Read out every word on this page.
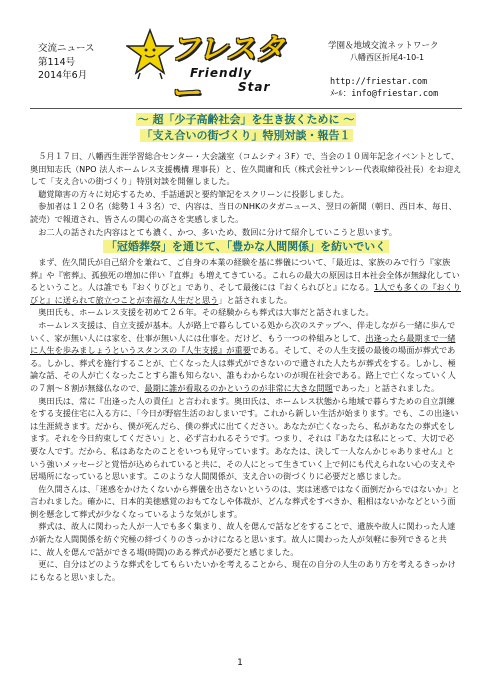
交流ニュース
第114号
2014年6月
フレスター
Friendly
Star
学園＆地域交流ネットワーク
八幡西区折尾4-10-1
http://friestar.com
ﾒｰﾙ：info@friestar.com
～ 超「少子高齢社会」を生き抜くために ～
「支え合いの街づくり」特別対談・報告１

５月１７日、八幡西生涯学習総合センター・大会議室（コムシティ３F）で、当会の１０周年記念イベントとして、奥田知志氏（NPO 法人ホームレス支援機構 理事長）と、佐久間庸和氏（株式会社サンレー代表取締役社長）をお迎えして「支え合いの街づくり」特別対談を開催しました。

聴覚障害の方々に対応するため、手話通訳と要約筆記をスクリーンに投影しました。

参加者は１２０名（総勢１４３名）で、内容は、当日のNHKのタガニュース、翌日の新聞（朝日、西日本、毎日、読売）で報道され、皆さんの関心の高さを実感しました。

お二人の話された内容はとても濃く、かつ、多いため、数回に分けて紹介していこうと思います。

「冠婚葬祭」を通じて、「豊かな人間関係」を紡いでいく

まず、佐久間氏が自己紹介を兼ねて、ご自身の本業の経験を基に葬儀について、「最近は、家族のみで行う『家族葬』や『密葬』、孤独死の増加に伴い『直葬』も増えてきている。これらの最大の原因は日本社会全体が無縁化しているということ。人は誰でも『おくりびと』であり、そして最後には『おくられびと』になる。1人でも多くの『おくりびと』に送られて旅立つことが幸福な人生だと思う」と話されました。

奥田氏も、ホームレス支援を初めて２６年。その経験からも葬式は大事だと話されました。

ホームレス支援は、自立支援が基本。人が路上で暮らしている処から次のステップへ、伴走しながら一緒に歩んでいく、家が無い人には家を、仕事が無い人には仕事を。だけど、もう一つの枠組みとして、出逢ったら最期まで一緒に人生を歩みましょうというスタンスの『人生支援』が重要である。そして、その人生支援の最後の場面が葬式である。しかし、葬式を施行することが、亡くなった人は葬式ができないので遺された人たちが葬式をする。しかし、極論な話、その人が亡くなったことすら誰も知らない、誰もわからないのが現在社会である。路上で亡くなっていく人の７割～８割が無縁仏なので、最期に誰が看取るのかというのが非常に大きな問題であった」と話されました。

奥田氏は、常に『出逢った人の責任』と言われます。奥田氏は、ホームレス状態から地域で暮らすための自立訓練をする支援住宅に入る方に、「今日が野宿生活のおしまいです。これから新しい生活が始まります。でも、この出逢いは生涯続きます。だから、僕が死んだら、僕の葬式に出てください。あなたが亡くなったら、私があなたの葬式をします。それを今日約束してください」と、必ず言われるそうです。つまり、それは『あなたは私にとって、大切で必要な人です。だから、私はあなたのことをいつも見守っています。あなたは、決して一人なんかじゃありません』という強いメッセージと覚悟が込められていると共に、その人にとって生きていく上で何にも代えられない心の支えや居場所になっていると思います。このような人間関係が、支え合いの街づくりに必要だと感じました。

佐久間さんは、「迷惑をかけたくないから葬儀を出さないというのは、実は迷惑ではなく面倒だからではないか」と言われました。確かに、日本的美徳感覚のおもてなしや体裁が、どんな葬式をすべきか、粗相はないかなどという面倒を懸念して葬式が少なくなっているような気がします。

葬式は、故人に関わった人が一人でも多く集まり、故人を偲んで話などをすることで、遺族や故人に関わった人達が新たな人間関係を紡ぐ究極の絆づくりのきっかけになると思います。故人に関わった人が気軽に参列できると共に、故人を偲んで話ができる場(時間)のある葬式が必要だと感じました。

更に、自分はどのような葬式をしてもらいたいかを考えることから、現在の自分の人生のあり方を考えるきっかけにもなると思いました。

1
